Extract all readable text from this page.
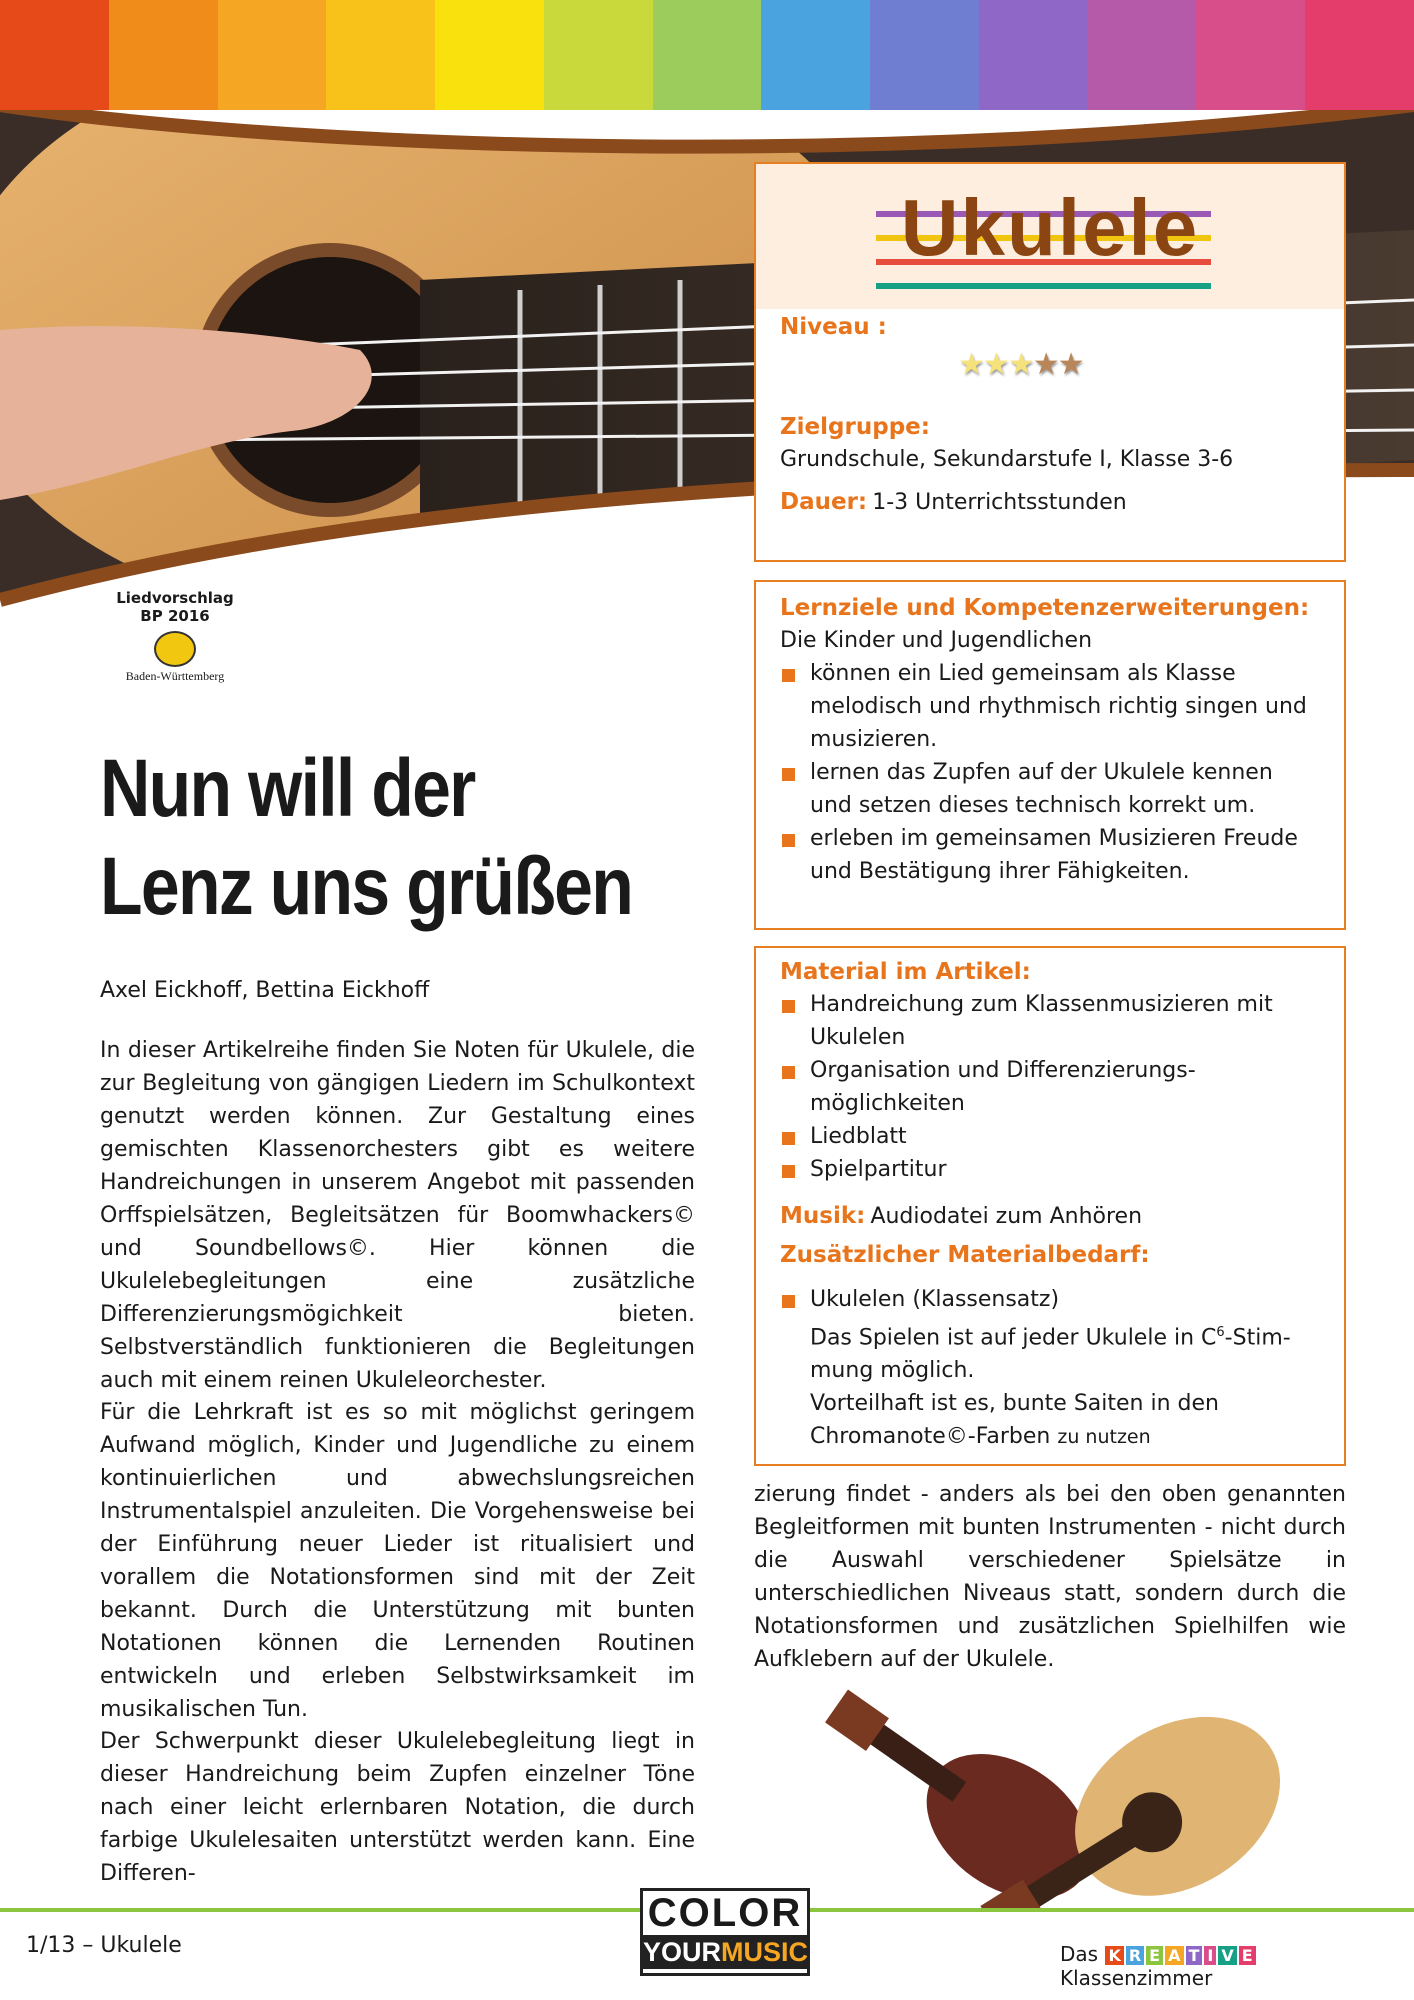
Liedvorschlag
BP 2016
Baden-Württemberg
Ukulele
Niveau :
★★★★★
Zielgruppe:
Grundschule, Sekundarstufe I, Klasse 3-6
Dauer: 1-3 Unterrichtsstunden
Lernziele und Kompetenzerweiterungen:
Die Kinder und Jugendlichen
können ein Lied gemeinsam als Klasse melodisch und rhythmisch richtig singen und musizieren.
lernen das Zupfen auf der Ukulele kennen und setzen dieses technisch korrekt um.
erleben im gemeinsamen Musizieren Freude und Bestätigung ihrer Fähigkeiten.
Material im Artikel:
Handreichung zum Klassenmusizieren mit Ukulelen
Organisation und Differenzierungs-möglichkeiten
Liedblatt
Spielpartitur
Musik: Audiodatei zum Anhören
Zusätzlicher Materialbedarf:
Ukulelen (Klassensatz)
Das Spielen ist auf jeder Ukulele in $C^6-Stim-$
mung möglich.
Vorteilhaft ist es, bunte Saiten in den
Chromanote©-Farben zu nutzen
Nun will der
Lenz uns grüßen
Axel Eickhoff, Bettina Eickhoff
In dieser Artikelreihe finden Sie Noten für Ukulele, die zur Begleitung von gängigen Liedern im Schulkontext genutzt werden können. Zur Gestaltung eines gemischten Klassenorchesters gibt es weitere Handreichungen in unserem Angebot mit passenden Orffspielsätzen, Begleitsätzen für Boomwhackers© und Soundbellows©. Hier können die Ukulelebegleitungen eine zusätzliche Differenzierungsmögichkeit bieten. Selbstverständlich funktionieren die Begleitungen auch mit einem reinen Ukuleleorchester.
Für die Lehrkraft ist es so mit möglichst geringem Aufwand möglich, Kinder und Jugendliche zu einem kontinuierlichen und abwechslungsreichen Instrumentalspiel anzuleiten. Die Vorgehensweise bei der Einführung neuer Lieder ist ritualisiert und vorallem die Notationsformen sind mit der Zeit bekannt. Durch die Unterstützung mit bunten Notationen können die Lernenden Routinen entwickeln und erleben Selbstwirksamkeit im musikalischen Tun.
Der Schwerpunkt dieser Ukulelebegleitung liegt in dieser Handreichung beim Zupfen einzelner Töne nach einer leicht erlernbaren Notation, die durch farbige Ukulelesaiten unterstützt werden kann. Eine Differen-
zierung findet - anders als bei den oben genannten Begleitformen mit bunten Instrumenten - nicht durch die Auswahl verschiedener Spielsätze in unterschiedlichen Niveaus statt, sondern durch die Notationsformen und zusätzlichen Spielhilfen wie Aufklebern auf der Ukulele.
1/13 – Ukulele
COLOR
YOURMUSIC	Das K R E A T I V E Klassenzimmer
